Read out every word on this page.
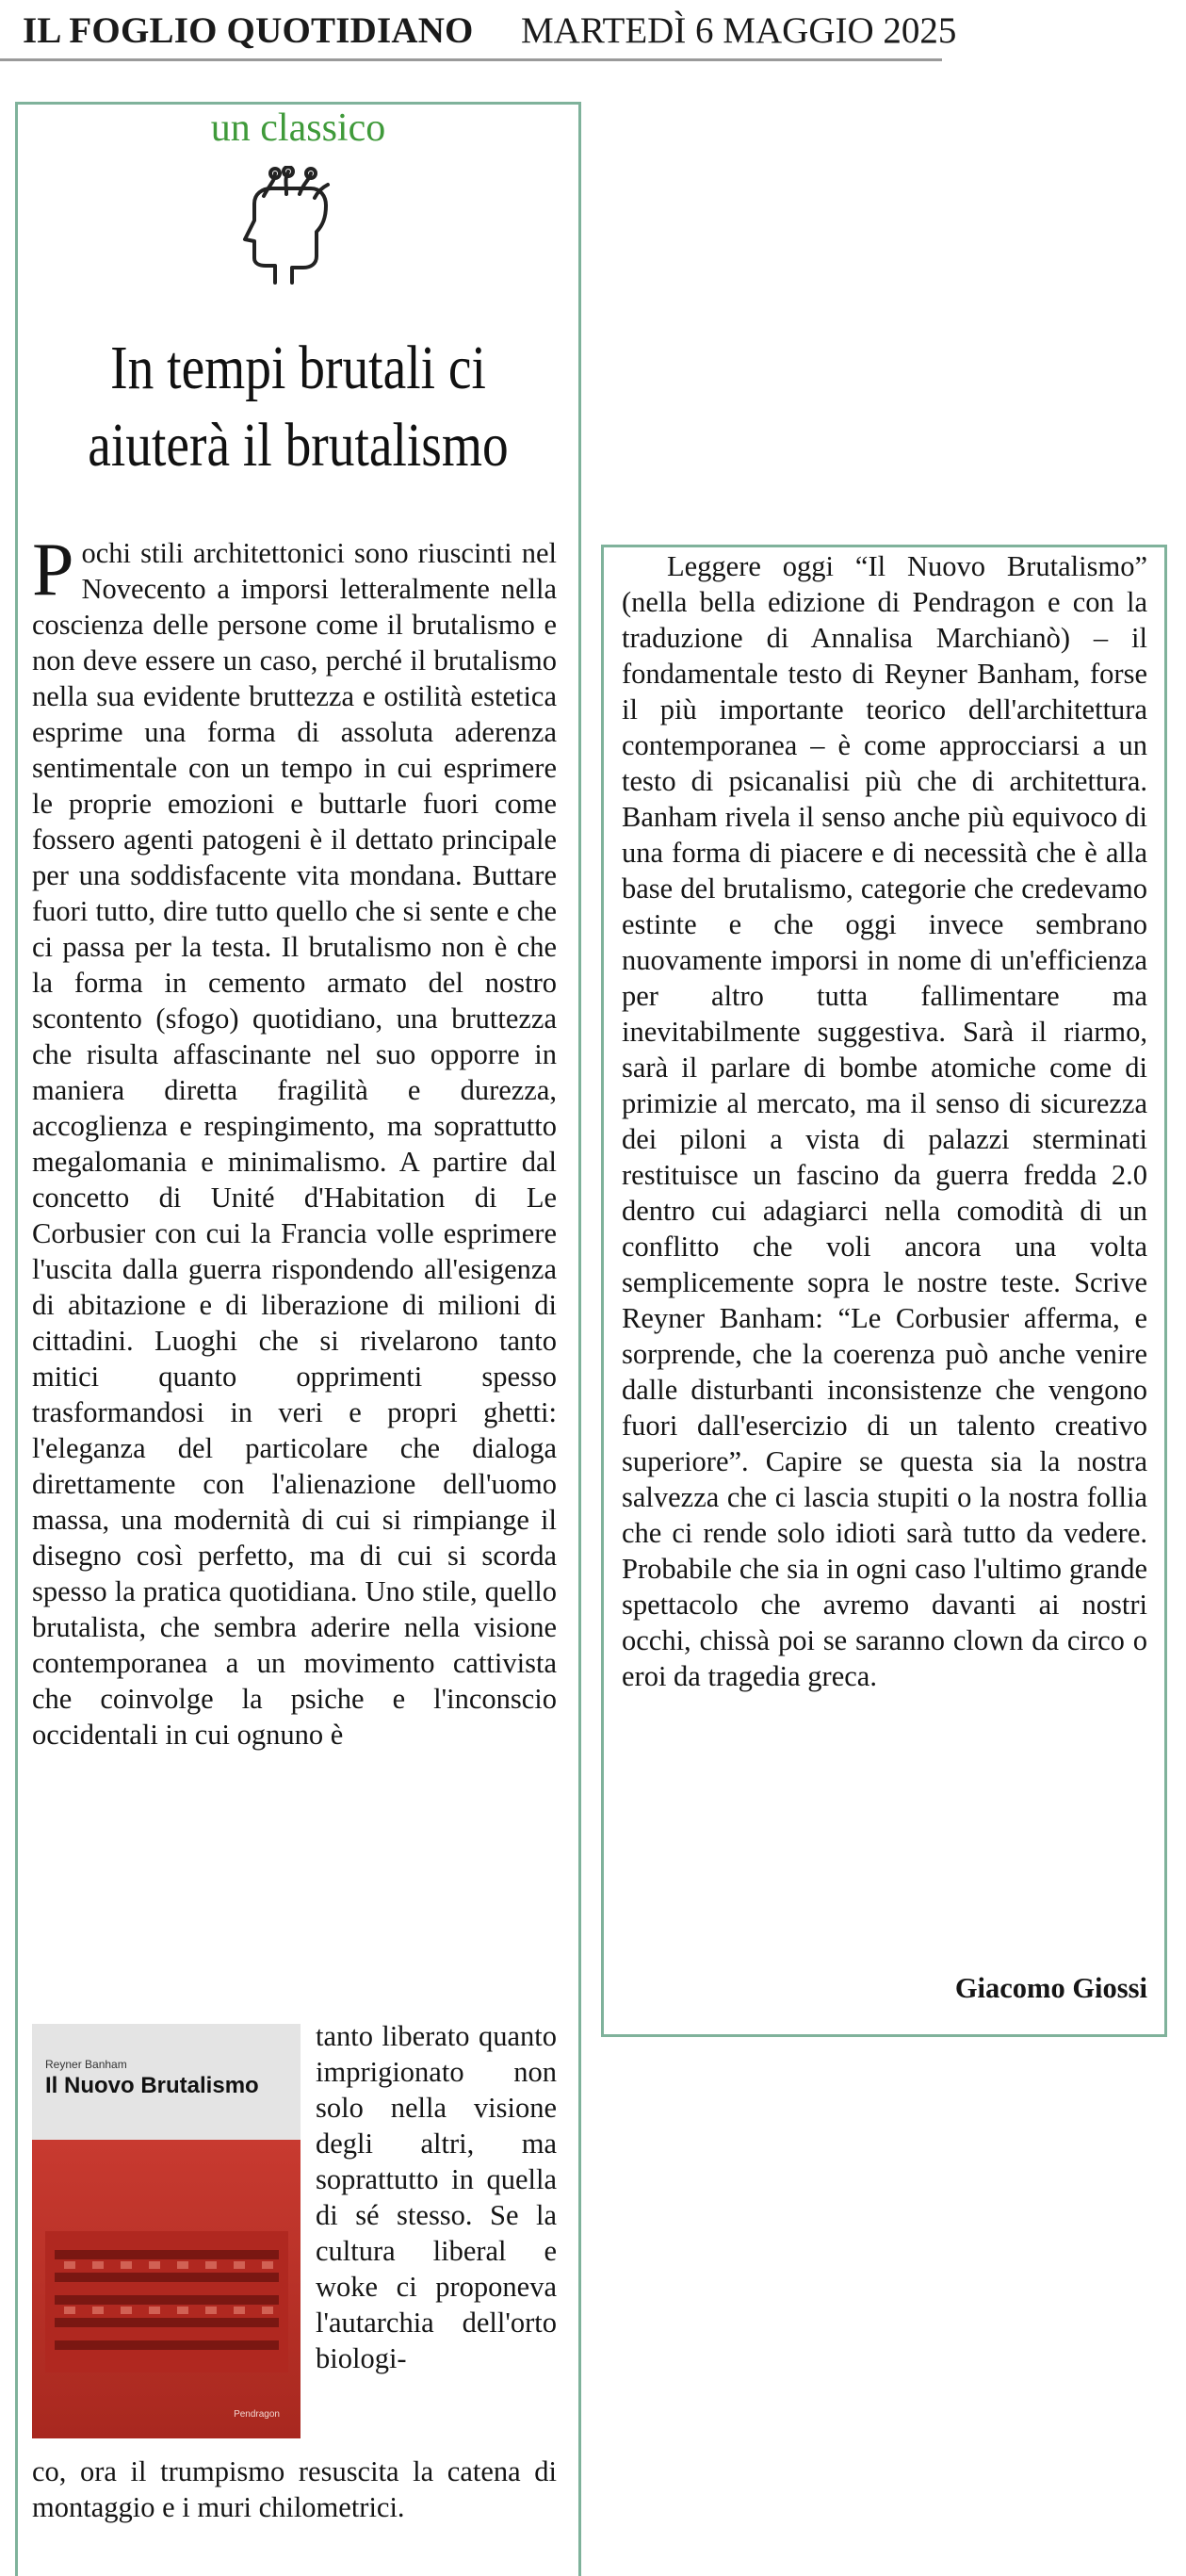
IL FOGLIO QUOTIDIANO MARTEDÌ 6 MAGGIO 2025
un classico
In tempi brutali ci
aiuterà il brutalismo
Pochi stili architettonici sono riuscinti nel Novecento a imporsi letteralmente nella coscienza delle persone come il brutalismo e non deve essere un caso, perché il brutalismo nella sua evidente bruttezza e ostilità estetica esprime una forma di assoluta aderenza sentimentale con un tempo in cui esprimere le proprie emozioni e buttarle fuori come fossero agenti patogeni è il dettato principale per una soddisfacente vita mondana. Buttare fuori tutto, dire tutto quello che si sente e che ci passa per la testa. Il brutalismo non è che la forma in cemento armato del nostro scontento (sfogo) quotidiano, una bruttezza che risulta affascinante nel suo opporre in maniera diretta fragilità e durezza, accoglienza e respingimento, ma soprattutto megalomania e minimalismo. A partire dal concetto di Unité d'Habitation di Le Corbusier con cui la Francia volle esprimere l'uscita dalla guerra rispondendo all'esigenza di abitazione e di liberazione di milioni di cittadini. Luoghi che si rivelarono tanto mitici quanto opprimenti spesso trasformandosi in veri e propri ghetti: l'eleganza del particolare che dialoga direttamente con l'alienazione dell'uomo massa, una modernità di cui si rimpiange il disegno così perfetto, ma di cui si scorda spesso la pratica quotidiana. Uno stile, quello brutalista, che sembra aderire nella visione contemporanea a un movimento cattivista che coinvolge la psiche e l'inconscio occidentali in cui ognuno è
Reyner Banham
Il Nuovo Brutalismo
Pendragon
tanto liberato quanto imprigionato non solo nella visione degli altri, ma soprattutto in quella di sé stesso. Se la cultura liberal e woke ci proponeva l'autarchia dell'orto biologi-
co, ora il trumpismo resuscita la catena di montaggio e i muri chilometrici.
Leggere oggi “Il Nuovo Brutalismo” (nella bella edizione di Pendragon e con la traduzione di Annalisa Marchianò) – il fondamentale testo di Reyner Banham, forse il più importante teorico dell'architettura contemporanea – è come approcciarsi a un testo di psicanalisi più che di architettura. Banham rivela il senso anche più equivoco di una forma di piacere e di necessità che è alla base del brutalismo, categorie che credevamo estinte e che oggi invece sembrano nuovamente imporsi in nome di un'efficienza per altro tutta fallimentare ma inevitabilmente suggestiva. Sarà il riarmo, sarà il parlare di bombe atomiche come di primizie al mercato, ma il senso di sicurezza dei piloni a vista di palazzi sterminati restituisce un fascino da guerra fredda 2.0 dentro cui adagiarci nella comodità di un conflitto che voli ancora una volta semplicemente sopra le nostre teste. Scrive Reyner Banham: “Le Corbusier afferma, e sorprende, che la coerenza può anche venire dalle disturbanti inconsistenze che vengono fuori dall'esercizio di un talento creativo superiore”. Capire se questa sia la nostra salvezza che ci lascia stupiti o la nostra follia che ci rende solo idioti sarà tutto da vedere. Probabile che sia in ogni caso l'ultimo grande spettacolo che avremo davanti ai nostri occhi, chissà poi se saranno clown da circo o eroi da tragedia greca.
Giacomo Giossi
